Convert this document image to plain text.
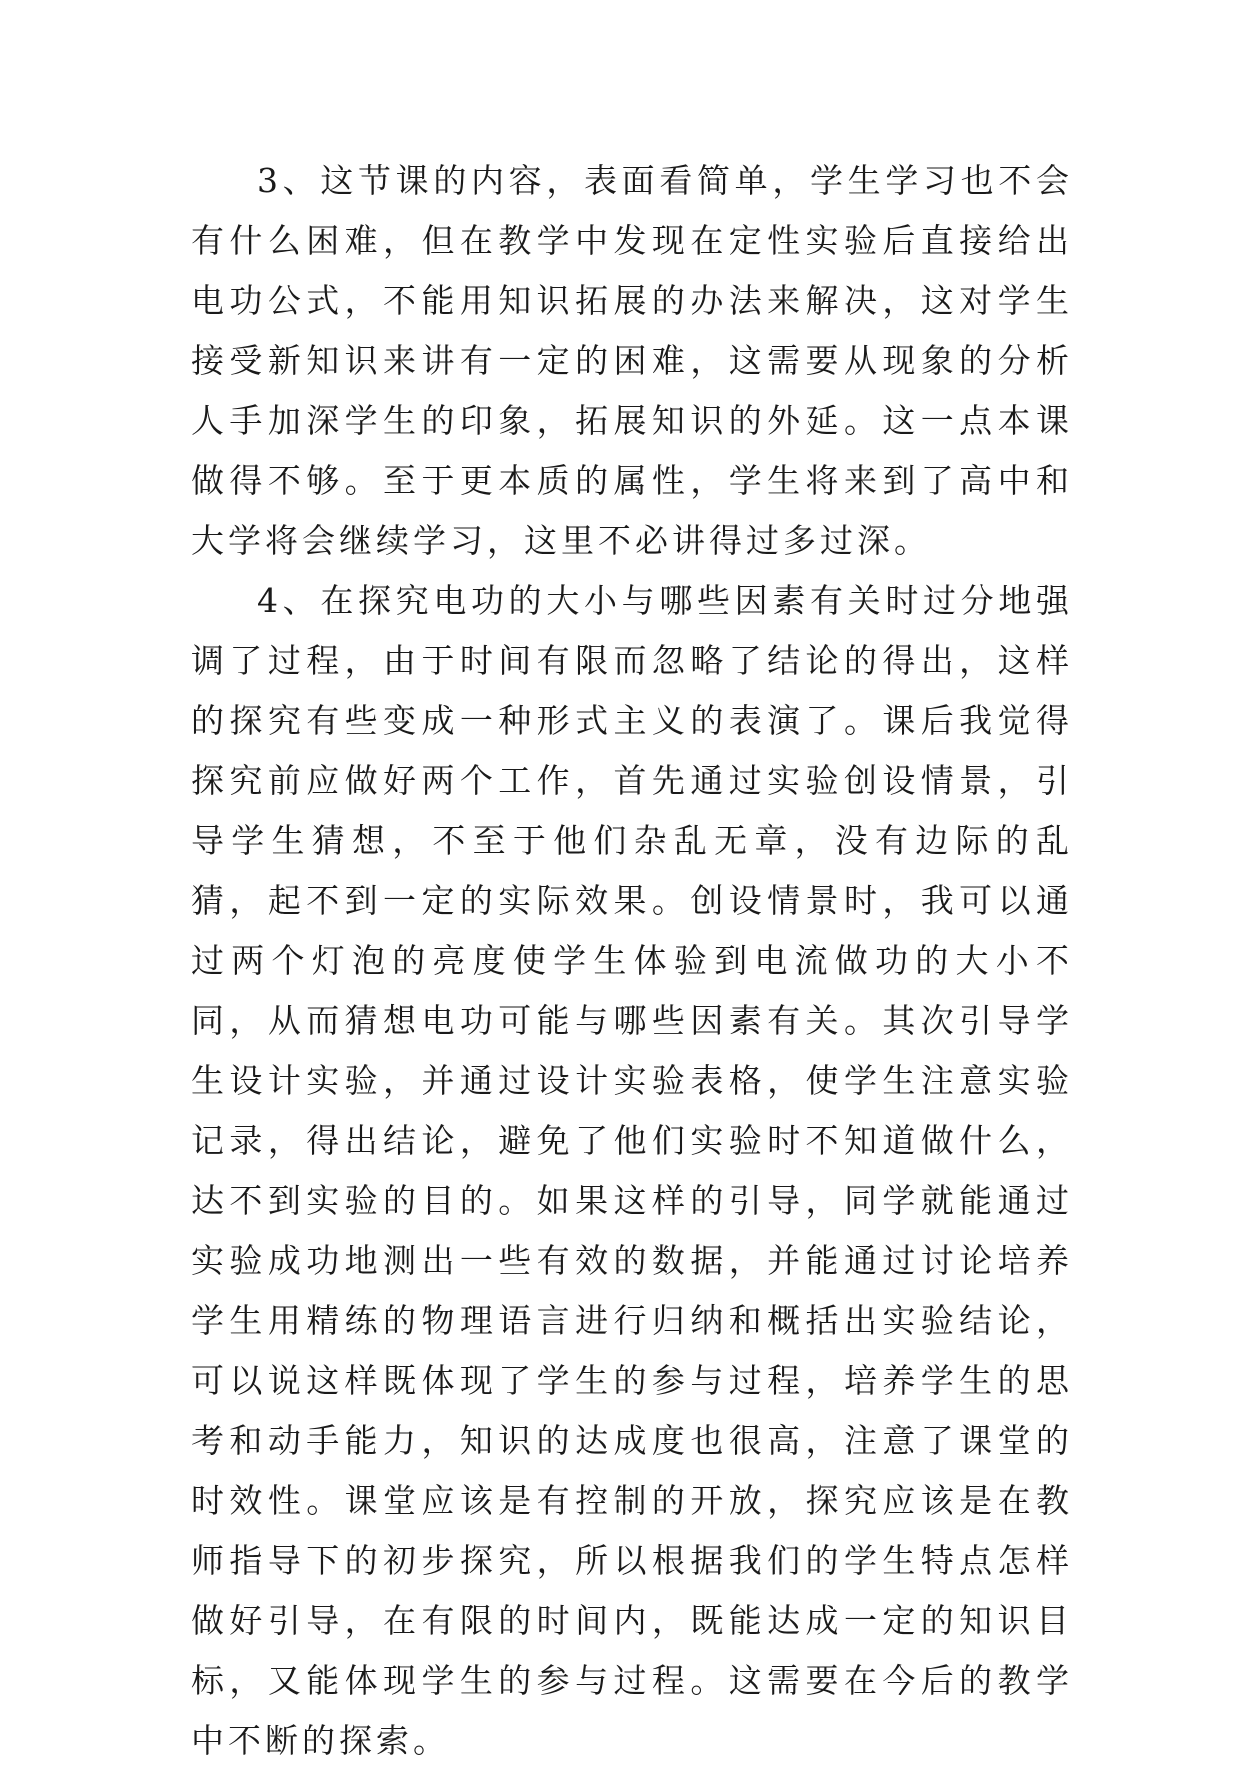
3、这节课的内容，表面看简单，学生学习也不会有什么困难，但在教学中发现在定性实验后直接给出电功公式，不能用知识拓展的办法来解决，这对学生接受新知识来讲有一定的困难，这需要从现象的分析人手加深学生的印象，拓展知识的外延。这一点本课做得不够。至于更本质的属性，学生将来到了高中和大学将会继续学习，这里不必讲得过多过深。

4、在探究电功的大小与哪些因素有关时过分地强调了过程，由于时间有限而忽略了结论的得出，这样的探究有些变成一种形式主义的表演了。课后我觉得探究前应做好两个工作，首先通过实验创设情景，引导学生猜想，不至于他们杂乱无章，没有边际的乱猜，起不到一定的实际效果。创设情景时，我可以通过两个灯泡的亮度使学生体验到电流做功的大小不同，从而猜想电功可能与哪些因素有关。其次引导学生设计实验，并通过设计实验表格，使学生注意实验记录，得出结论，避免了他们实验时不知道做什么，达不到实验的目的。如果这样的引导，同学就能通过实验成功地测出一些有效的数据，并能通过讨论培养学生用精练的物理语言进行归纳和概括出实验结论，可以说这样既体现了学生的参与过程，培养学生的思考和动手能力，知识的达成度也很高，注意了课堂的时效性。课堂应该是有控制的开放，探究应该是在教师指导下的初步探究，所以根据我们的学生特点怎样做好引导，在有限的时间内，既能达成一定的知识目标，又能体现学生的参与过程。这需要在今后的教学中不断的探索。
